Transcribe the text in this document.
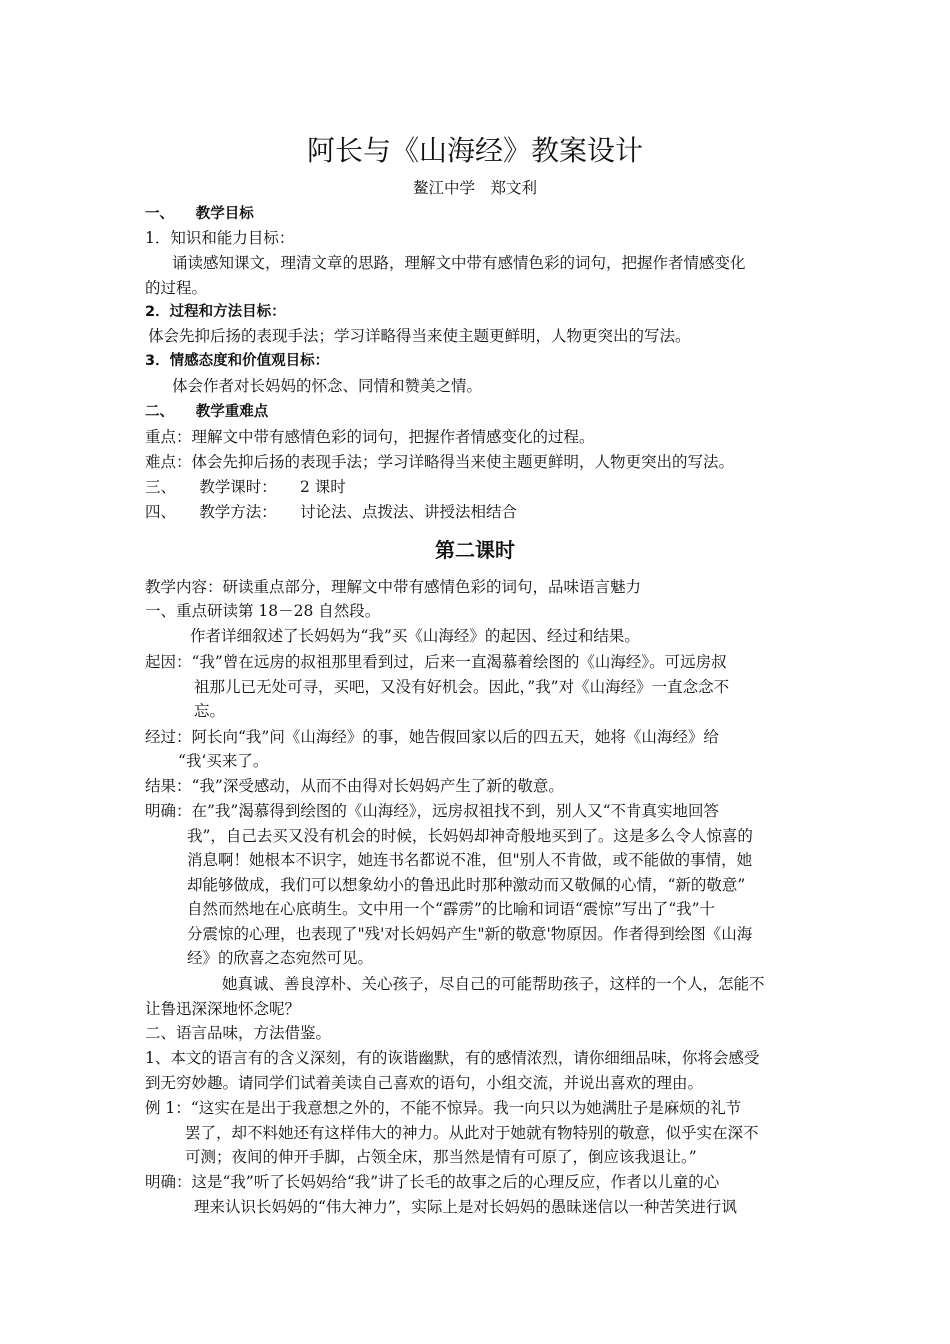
阿长与《山海经》教案设计
鳌江中学　郑文利
一、　　教学目标
1．知识和能力目标：
诵读感知课文，理清文章的思路，理解文中带有感情色彩的词句，把握作者情感变化
的过程。
2．过程和方法目标：
体会先抑后扬的表现手法；学习详略得当来使主题更鲜明，人物更突出的写法。
3．情感态度和价值观目标：
体会作者对长妈妈的怀念、同情和赞美之情。
二、　　教学重难点
重点：理解文中带有感情色彩的词句，把握作者情感变化的过程。
难点：体会先抑后扬的表现手法；学习详略得当来使主题更鲜明，人物更突出的写法。
三、　　教学课时：　　2 课时
四、　　教学方法：　　讨论法、点拨法、讲授法相结合
第二课时
教学内容：研读重点部分，理解文中带有感情色彩的词句，品味语言魅力
一、重点研读第 18－28 自然段。
作者详细叙述了长妈妈为“我”买《山海经》的起因、经过和结果。
起因：“我”曾在远房的叔祖那里看到过，后来一直渴慕着绘图的《山海经》。可远房叔
祖那儿已无处可寻，买吧，又没有好机会。因此，”我”对《山海经》一直念念不
忘。
经过：阿长向“我”问《山海经》的事，她告假回家以后的四五天，她将《山海经》给
“我‘买来了。
结果：“我”深受感动，从而不由得对长妈妈产生了新的敬意。
明确：在”我”渴慕得到绘图的《山海经》，远房叔祖找不到，别人又“不肯真实地回答
我”，自己去买又没有机会的时候，长妈妈却神奇般地买到了。这是多么令人惊喜的
消息啊！她根本不识字，她连书名都说不准，但"别人不肯做，或不能做的事情，她
却能够做成，我们可以想象幼小的鲁迅此时那种激动而又敬佩的心情，“新的敬意”
自然而然地在心底萌生。文中用一个“霹雳”的比喻和词语“震惊”写出了“我”十
分震惊的心理，也表现了"残'对长妈妈产生"新的敬意'物原因。作者得到绘图《山海
经》的欣喜之态宛然可见。
她真诚、善良淳朴、关心孩子，尽自己的可能帮助孩子，这样的一个人，怎能不
让鲁迅深深地怀念呢？
二、语言品味，方法借鉴。
1、本文的语言有的含义深刻，有的诙谐幽默，有的感情浓烈，请你细细品味，你将会感受
到无穷妙趣。请同学们试着美读自己喜欢的语句，小组交流，并说出喜欢的理由。
例 1：“这实在是出于我意想之外的，不能不惊异。我一向只以为她满肚子是麻烦的礼节
罢了，却不料她还有这样伟大的神力。从此对于她就有物特别的敬意，似乎实在深不
可测；夜间的伸开手脚，占领全床，那当然是情有可原了，倒应该我退让。”
明确：这是“我”听了长妈妈给“我”讲了长毛的故事之后的心理反应，作者以儿童的心
理来认识长妈妈的“伟大神力”，实际上是对长妈妈的愚昧迷信以一种苦笑进行讽
